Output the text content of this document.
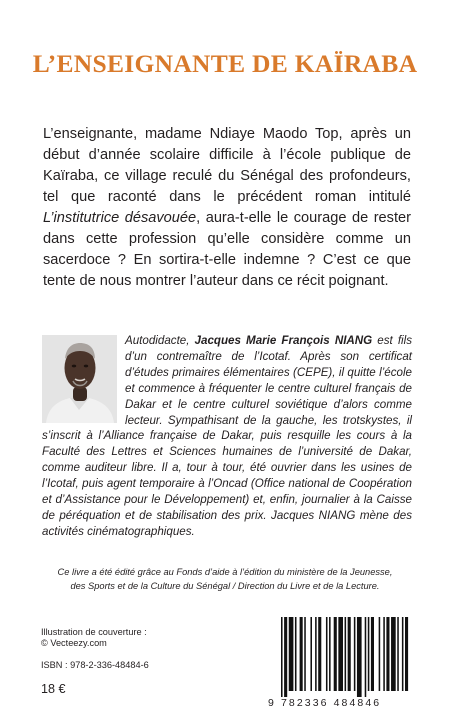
L’ENSEIGNANTE DE KAÏRABA
L’enseignante, madame Ndiaye Maodo Top, après un début d’année scolaire difficile à l’école publique de Kaïraba, ce village reculé du Sénégal des profondeurs, tel que raconté dans le précédent roman intitulé L’institutrice désavouée, aura-t-elle le courage de rester dans cette profession qu’elle considère comme un sacerdoce ? En sortira-t-elle indemne ? C’est ce que tente de nous montrer l’auteur dans ce récit poignant.
Autodidacte, Jacques Marie François NIANG est fils d’un contremaître de l’Icotaf. Après son certificat d’études primaires élémentaires (CEPE), il quitte l’école et commence à fréquenter le centre culturel français de Dakar et le centre culturel soviétique d’alors comme lecteur. Sympathisant de la gauche, les trotskystes, il s’inscrit à l’Alliance française de Dakar, puis resquille les cours à la Faculté des Lettres et Sciences humaines de l’université de Dakar, comme auditeur libre. Il a, tour à tour, été ouvrier dans les usines de l’Icotaf, puis agent temporaire à l’Oncad (Office national de Coopération et d’Assistance pour le Développement) et, enfin, journalier à la Caisse de péréquation et de stabilisation des prix. Jacques NIANG mène des activités cinématographiques.
Ce livre a été édité grâce au Fonds d’aide à l’édition du ministère de la Jeunesse,
des Sports et de la Culture du Sénégal / Direction du Livre et de la Lecture.
Illustration de couverture :
© Vecteezy.com
ISBN : 978-2-336-48484-6
18 €
9 782336 484846
